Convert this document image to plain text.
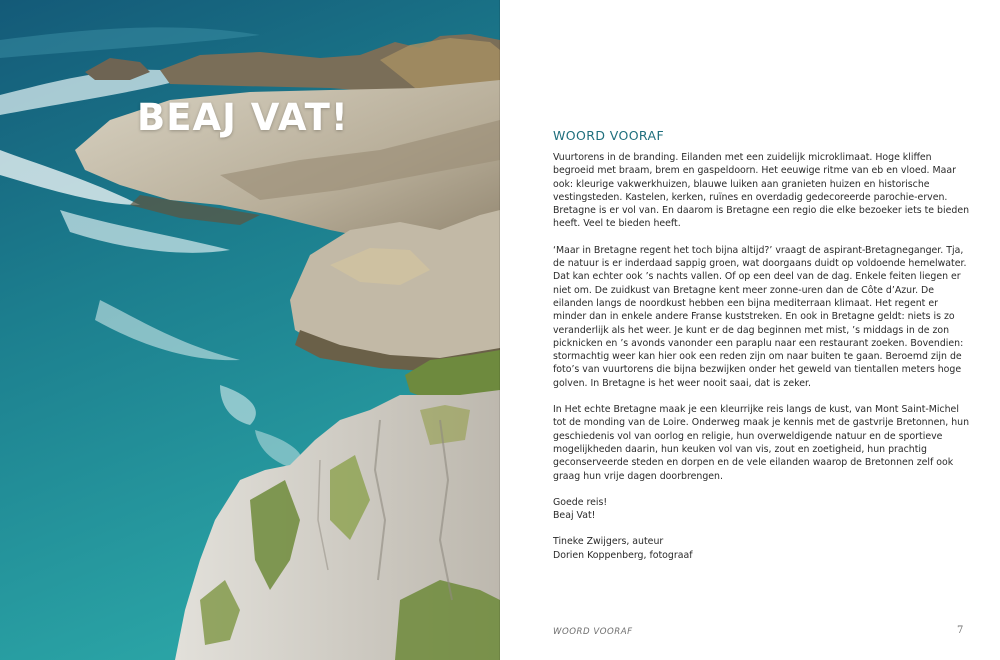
BEAJ VAT!	WOORD VOORAF

Vuurtorens in de branding. Eilanden met een zuidelijk microklimaat. Hoge kliffen begroeid met braam, brem en gaspeldoorn. Het eeuwige ritme van eb en vloed. Maar ook: kleurige vakwerkhuizen, blauwe luiken aan granieten huizen en historische vestingsteden. Kastelen, kerken, ruïnes en overdadig gedecoreerde parochie-erven. Bretagne is er vol van. En daarom is Bretagne een regio die elke bezoeker iets te bieden heeft. Veel te bieden heeft.

‘Maar in Bretagne regent het toch bijna altijd?’ vraagt de aspirant-Bretagneganger. Tja, de natuur is er inderdaad sappig groen, wat doorgaans duidt op voldoende hemelwater. Dat kan echter ook ’s nachts vallen. Of op een deel van de dag. Enkele feiten liegen er niet om. De zuidkust van Bretagne kent meer zonne-uren dan de Côte d’Azur. De eilanden langs de noordkust hebben een bijna mediterraan klimaat. Het regent er minder dan in enkele andere Franse kuststreken. En ook in Bretagne geldt: niets is zo veranderlijk als het weer. Je kunt er de dag beginnen met mist, ’s middags in de zon picknicken en ’s avonds vanonder een paraplu naar een restaurant zoeken. Bovendien: stormachtig weer kan hier ook een reden zijn om naar buiten te gaan. Beroemd zijn de foto’s van vuurtorens die bijna bezwijken onder het geweld van tientallen meters hoge golven. In Bretagne is het weer nooit saai, dat is zeker.

In Het echte Bretagne maak je een kleurrijke reis langs de kust, van Mont Saint-Michel tot de monding van de Loire. Onderweg maak je kennis met de gastvrije Bretonnen, hun geschiedenis vol van oorlog en religie, hun overweldigende natuur en de sportieve mogelijkheden daarin, hun keuken vol van vis, zout en zoetigheid, hun prachtig geconserveerde steden en dorpen en de vele eilanden waarop de Bretonnen zelf ook graag hun vrije dagen doorbrengen.

Goede reis!
Beaj Vat!

Tineke Zwijgers, auteur
Dorien Koppenberg, fotograaf

WOORD VOORAF	7
